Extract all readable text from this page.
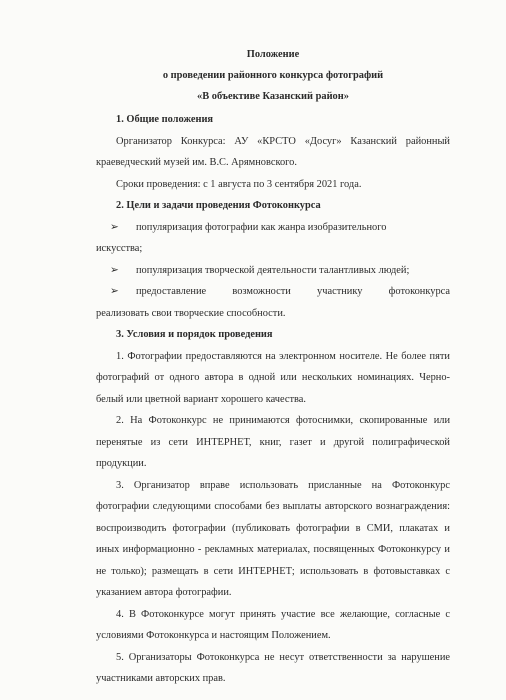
Положение

о проведении районного конкурса фотографий

«В объективе Казанский район»

1. Общие положения

Организатор Конкурса: АУ «КРСТО «Досуг» Казанский районный краеведческий музей им. В.С. Арямновского.

Сроки проведения: с 1 августа по 3 сентября 2021 года.

2. Цели и задачи проведения Фотоконкурса

➢	популяризация фотографии как жанра изобразительного

искусства;

➢	популяризация творческой деятельности талантливых людей;
➢	предоставление возможности участнику фотоконкурса

реализовать свои творческие способности.

3. Условия и порядок проведения

1. Фотографии предоставляются на электронном носителе. Не более пяти фотографий от одного автора в одной или нескольких номинациях. Черно-белый или цветной вариант хорошего качества.

2. На Фотоконкурс не принимаются фотоснимки, скопированные или перенятые из сети ИНТЕРНЕТ, книг, газет и другой полиграфической продукции.

3. Организатор вправе использовать присланные на Фотоконкурс фотографии следующими способами без выплаты авторского вознаграждения: воспроизводить фотографии (публиковать фотографии в СМИ, плакатах и иных информационно - рекламных материалах, посвященных Фотоконкурсу и не только); размещать в сети ИНТЕРНЕТ; использовать в фотовыставках с указанием автора фотографии.

4. В Фотоконкурсе могут принять участие все желающие, согласные с условиями Фотоконкурса и настоящим Положением.

5. Организаторы Фотоконкурса не несут ответственности за нарушение участниками авторских прав.
